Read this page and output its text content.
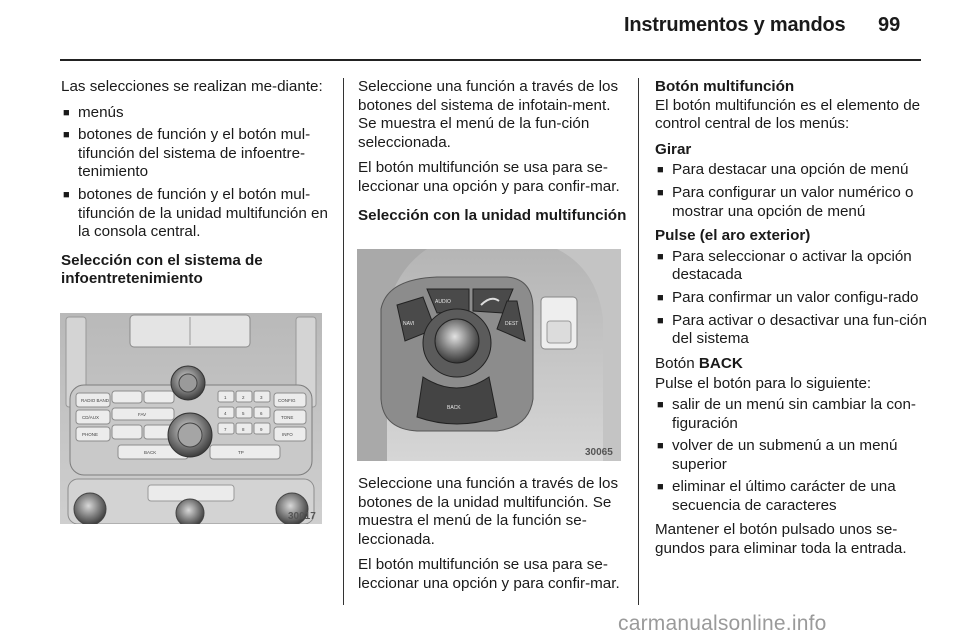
Instrumentos y mandos 99

Las selecciones se realizan me-diante:

■ menús
■ botones de función y el botón mul-tifunción del sistema de infoentre-tenimiento
■ botones de función y el botón mul-tifunción de la unidad multifunción en la consola central.

Selección con el sistema de infoentretenimiento

RADIO BAND
CD/AUX
PHONE
FAV
BACK
CONFIG
TONE
INFO
TP
1	2	3
4	5	6
7	8	9
30017

Seleccione una función a través de los botones del sistema de infotain-ment. Se muestra el menú de la fun-ción seleccionada.

El botón multifunción se usa para se-leccionar una opción y para confir-mar.

Selección con la unidad multifunción

AUDIO
NAVI	DEST
BACK
30065

Seleccione una función a través de los botones de la unidad multifunción. Se muestra el menú de la función se-leccionada.

El botón multifunción se usa para se-leccionar una opción y para confir-mar.

Botón multifunción

El botón multifunción es el elemento de control central de los menús:

Girar

■ Para destacar una opción de menú
■ Para configurar un valor numérico o mostrar una opción de menú

Pulse (el aro exterior)

■ Para seleccionar o activar la opción destacada
■ Para confirmar un valor configu-rado
■ Para activar o desactivar una fun-ción del sistema

Botón BACK

Pulse el botón para lo siguiente:

■ salir de un menú sin cambiar la con-figuración
■ volver de un submenú a un menú superior
■ eliminar el último carácter de una secuencia de caracteres

Mantener el botón pulsado unos se-gundos para eliminar toda la entrada.

carmanualsonline.info
